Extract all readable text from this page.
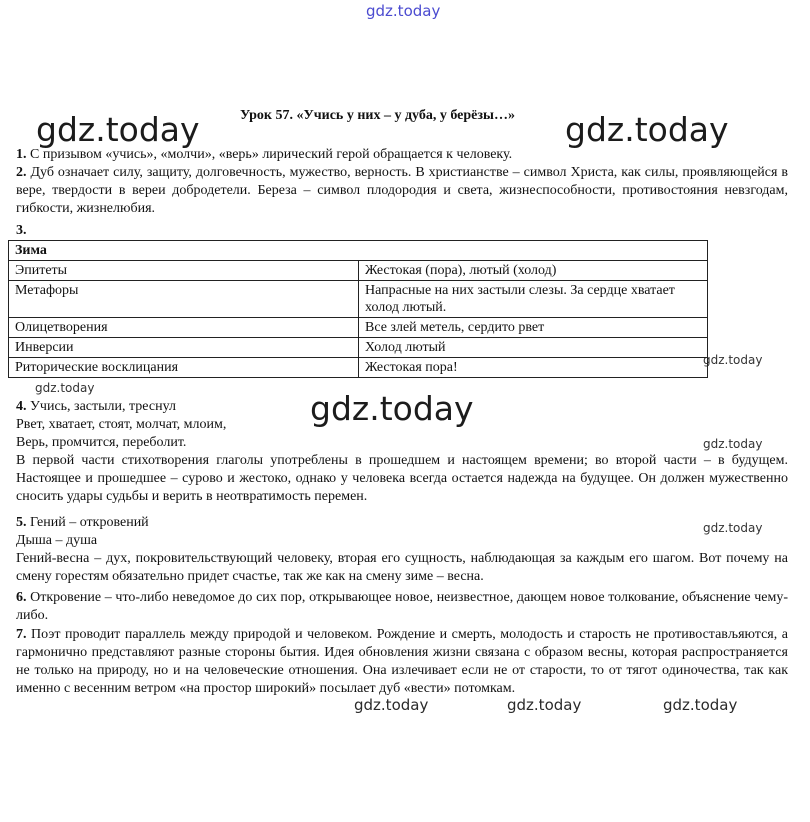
gdz.today
gdz.today	gdz.today
gdz.today
gdz.today
gdz.today
gdz.today
gdz.today
gdz.today	gdz.today	gdz.today
Урок 57. «Учись у них – у дуба, у берёзы…»
1. С призывом «учись», «молчи», «верь» лирический герой обращается к человеку.
2. Дуб означает силу, защиту, долговечность, мужество, верность. В христианстве – символ Христа, как силы, проявляющейся в вере, твердости в вереи добродетели. Береза – символ плодородия и света, жизнеспособности, противостояния невзгодам, гибкости, жизнелюбия.
3.
Зима	
Эпитеты	Жестокая (пора), лютый (холод)
Метафоры	Напрасные на них застыли слезы. За сердце хватает холод лютый.
Олицетворения	Все злей метель, сердито рвет
Инверсии	Холод лютый
Риторические восклицания	Жестокая пора!

4. Учись, застыли, треснул

Рвет, хватает, стоят, молчат, млоим,

Верь, промчится, переболит.

В первой части стихотворения глаголы употреблены в прошедшем и настоящем времени; во второй части – в будущем. Настоящее и прошедшее – сурово и жестоко, однако у человека всегда остается надежда на будущее. Он должен мужественно сносить удары судьбы и верить в неотвратимость перемен.

5. Гений – откровений

Дыша – душа

Гений-весна – дух, покровительствующий человеку, вторая его сущность, наблюдающая за каждым его шагом. Вот почему на смену горестям обязательно придет счастье, так же как на смену зиме – весна.

6. Откровение – что-либо неведомое до сих пор, открывающее новое, неизвестное, дающем новое толкование, объяснение чему-либо.

7. Поэт проводит параллель между природой и человеком. Рождение и смерть, молодость и старость не противостављяются, а гармонично представляют разные стороны бытия. Идея обновления жизни связана с образом весны, которая распространяется не только на природу, но и на человеческие отношения. Она излечивает если не от старости, то от тягот одиночества, так как именно с весенним ветром «на простор широкий» посылает дуб «вести» потомкам.
